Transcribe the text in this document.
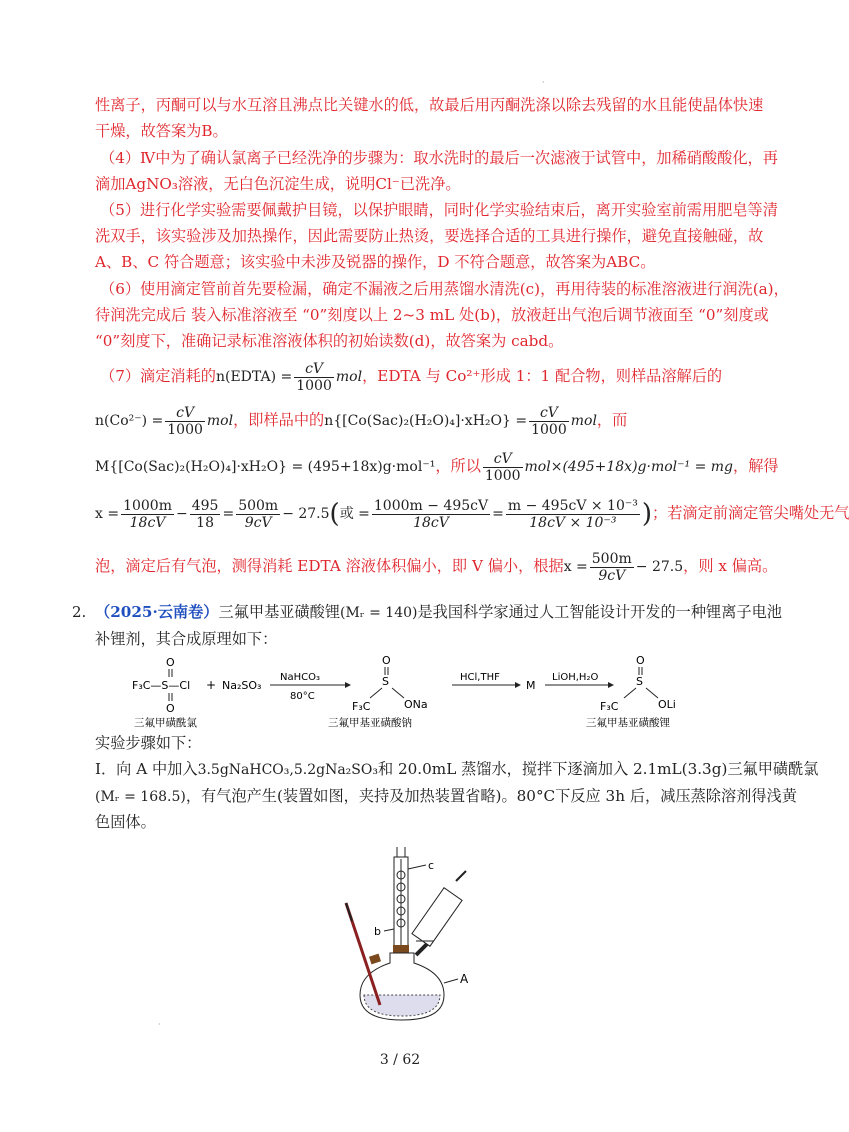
·
性离子，丙酮可以与水互溶且沸点比关键水的低，故最后用丙酮洗涤以除去残留的水且能使晶体快速
干燥，故答案为B。
（4）Ⅳ中为了确认氯离子已经洗净的步骤为：取水洗时的最后一次滤液于试管中，加稀硝酸酸化，再
滴加AgNO₃溶液，无白色沉淀生成，说明Cl⁻已洗净。
（5）进行化学实验需要佩戴护目镜，以保护眼睛，同时化学实验结束后，离开实验室前需用肥皂等清
洗双手，该实验涉及加热操作，因此需要防止热烫，要选择合适的工具进行操作，避免直接触碰，故
A、B、C 符合题意；该实验中未涉及锐器的操作，D 不符合题意，故答案为ABC。
（6）使用滴定管前首先要检漏，确定不漏液之后用蒸馏水清洗(c)，再用待装的标准溶液进行润洗(a)，
待润洗完成后 装入标准溶液至 “0”刻度以上 2~3 mL 处(b)，放液赶出气泡后调节液面至 “0”刻度或
“0”刻度下，准确记录标准溶液体积的初始读数(d)，故答案为 cabd。
（7）滴定消耗的n(EDTA) = $\frac{cV}{1000}$ mol，EDTA 与 Co²⁺形成 1：1 配合物，则样品溶解后的
$n(Co^{2-}) = \frac{cV}{1000}$ mol，即样品中的$n\{[Co(Sac)_2(H_2O)_4]\cdot xH_2O\} = \frac{cV}{1000}$ mol，而
M{[Co(Sac)₂(H₂O)₄]·xH₂O} = (495+18x)g·mol⁻¹，所以 $\frac{cV}{1000} mol\times(495+18x)g\cdot mol^{-1}$ = mg，解得
$x = \frac{1000m}{18cV} - \frac{495}{18} = \frac{500m}{9cV} - 27.5$(或 = $\frac{1000m - 495cV}{18cV} = \frac{\text{m − 495cV × 10⁻³}}{\text{18cV × 10⁻³}}$ )；若滴定前滴定管尖嘴处无气
泡，滴定后有气泡，测得消耗 EDTA 溶液体积偏小，即 V 偏小，根据$x = \frac{500m}{9cV} - 27.5$，则 x 偏高。
2. （2025·云南卷）三氟甲基亚磺酸锂(Mᵣ = 140)是我国科学家通过人工智能设计开发的一种锂离子电池
补锂剂，其合成原理如下：
O
F₃C—S—Cl
O
+ Na₂SO₃
NaHCO₃
80°C
O
S
F₃C	ONa
HCl,THF
M
LiOH,H₂O
O
S
F₃C	OLi
三氟甲磺酰氯	三氟甲基亚磺酸钠	三氟甲基亚磺酸锂
实验步骤如下：
Ⅰ．向 A 中加入3.5gNaHCO₃,5.2gNa₂SO₃和 20.0mL 蒸馏水，搅拌下逐滴加入 2.1mL(3.3g)三氟甲磺酰氯
(Mᵣ = 168.5)，有气泡产生(装置如图，夹持及加热装置省略)。80°C下反应 3h 后，减压蒸除溶剂得浅黄
色固体。
c
b
A
·
3 / 62
